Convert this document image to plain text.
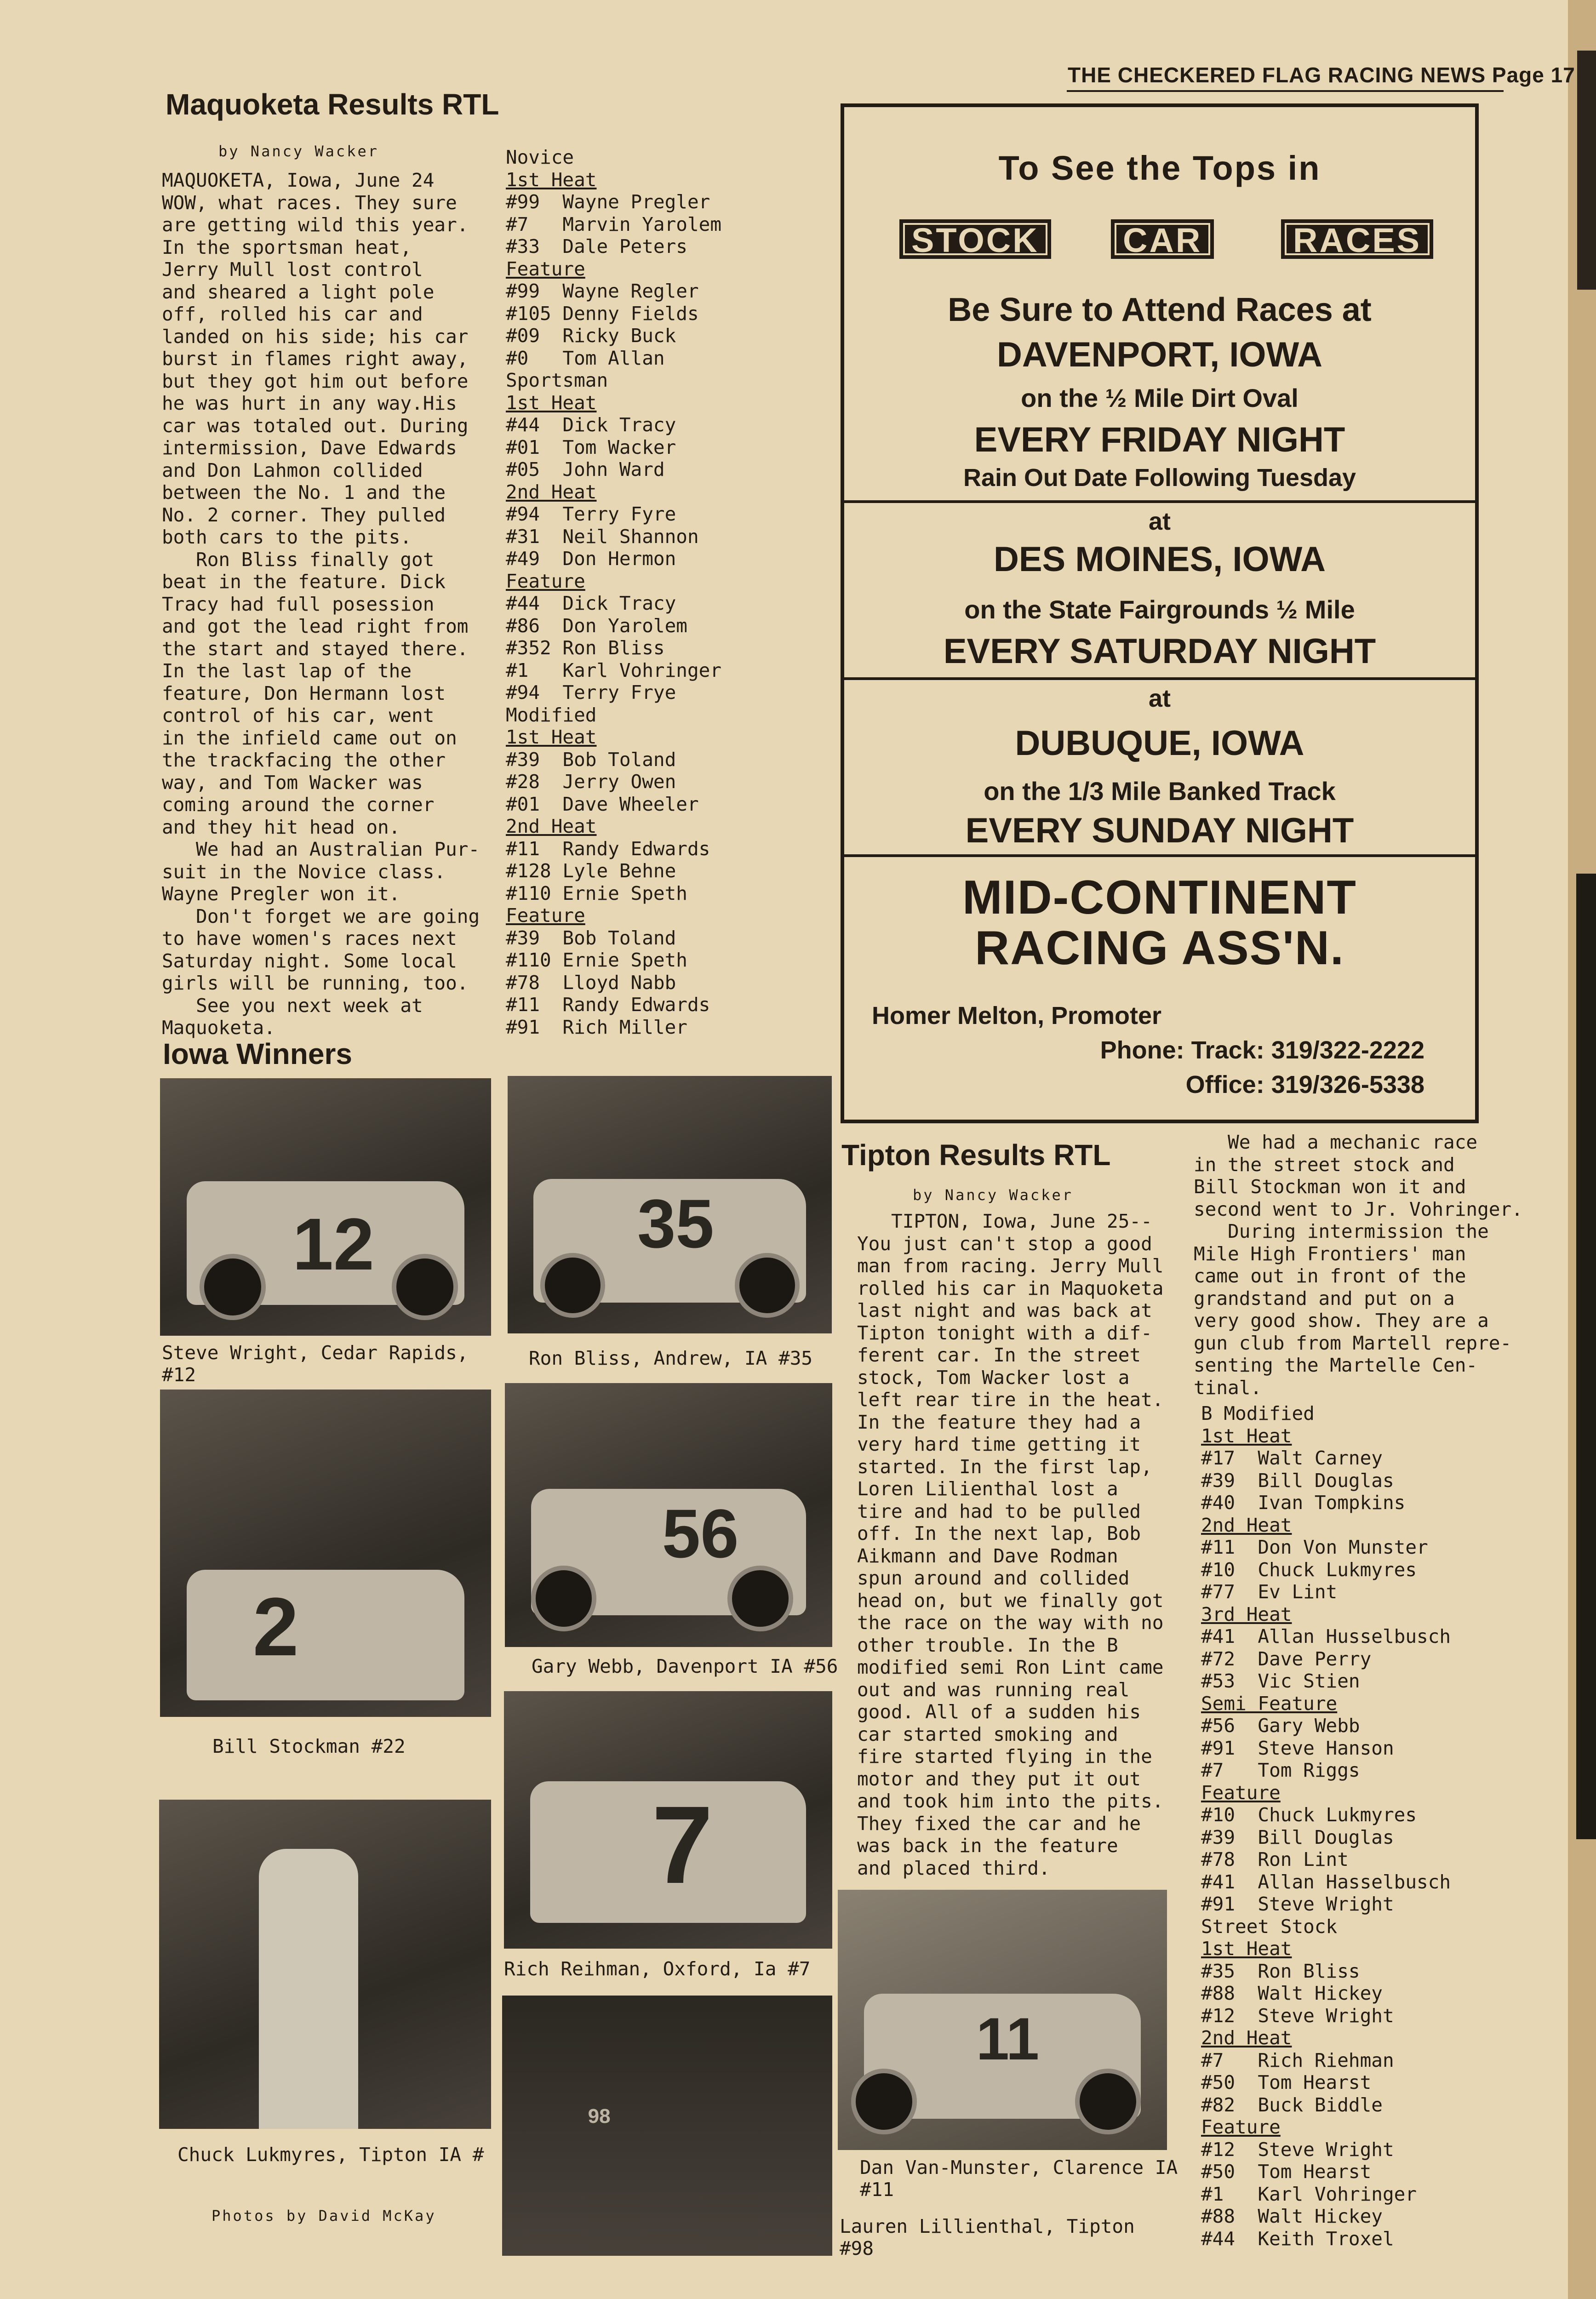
THE CHECKERED FLAG RACING NEWS Page 17
Maquoketa Results RTL
by Nancy Wacker
MAQUOKETA, Iowa, June 24
WOW, what races. They sure
are getting wild this year.
In the sportsman heat,
Jerry Mull lost control
and sheared a light pole
off, rolled his car and
landed on his side; his car
burst in flames right away,
but they got him out before
he was hurt in any way.His
car was totaled out. During
intermission, Dave Edwards
and Don Lahmon collided
between the No. 1 and the
No. 2 corner. They pulled
both cars to the pits.
Ron Bliss finally got
beat in the feature. Dick
Tracy had full posession
and got the lead right from
the start and stayed there.
In the last lap of the
feature, Don Hermann lost
control of his car, went
in the infield came out on
the trackfacing the other
way, and Tom Wacker was
coming around the corner
and they hit head on.
We had an Australian Pur-
suit in the Novice class.
Wayne Pregler won it.
Don't forget we are going
to have women's races next
Saturday night. Some local
girls will be running, too.
See you next week at
Maquoketa.
Novice
1st Heat
#99  Wayne Pregler
#7   Marvin Yarolem
#33  Dale Peters
Feature
#99  Wayne Regler
#105 Denny Fields
#09  Ricky Buck
#0   Tom Allan
Sportsman
1st Heat
#44  Dick Tracy
#01  Tom Wacker
#05  John Ward
2nd Heat
#94  Terry Fyre
#31  Neil Shannon
#49  Don Hermon
Feature
#44  Dick Tracy
#86  Don Yarolem
#352 Ron Bliss
#1   Karl Vohringer
#94  Terry Frye
Modified
1st Heat
#39  Bob Toland
#28  Jerry Owen
#01  Dave Wheeler
2nd Heat
#11  Randy Edwards
#128 Lyle Behne
#110 Ernie Speth
Feature
#39  Bob Toland
#110 Ernie Speth
#78  Lloyd Nabb
#11  Randy Edwards
#91  Rich Miller
To See the Tops in
STOCK	CAR	RACES
Be Sure to Attend Races at
DAVENPORT, IOWA
on the ½ Mile Dirt Oval
EVERY FRIDAY NIGHT
Rain Out Date Following Tuesday
at
DES MOINES, IOWA
on the State Fairgrounds ½ Mile
EVERY SATURDAY NIGHT
at
DUBUQUE, IOWA
on the 1/3 Mile Banked Track
EVERY SUNDAY NIGHT
MID-CONTINENT
RACING ASS'N.
Homer Melton, Promoter
Phone: Track: 319/322-2222
Office: 319/326-5338
Iowa Winners
12
Steve Wright, Cedar Rapids,
#12
35
Ron Bliss, Andrew, IA #35
2
Bill Stockman #22
56
Gary Webb, Davenport IA #56
7
Rich Reihman, Oxford, Ia #7
Chuck Lukmyres, Tipton IA #
Photos by David McKay
98
Tipton Results RTL
by Nancy Wacker
TIPTON, Iowa, June 25--
You just can't stop a good
man from racing. Jerry Mull
rolled his car in Maquoketa
last night and was back at
Tipton tonight with a dif-
ferent car. In the street
stock, Tom Wacker lost a
left rear tire in the heat.
In the feature they had a
very hard time getting it
started. In the first lap,
Loren Lilienthal lost a
tire and had to be pulled
off. In the next lap, Bob
Aikmann and Dave Rodman
spun around and collided
head on, but we finally got
the race on the way with no
other trouble. In the B
modified semi Ron Lint came
out and was running real
good. All of a sudden his
car started smoking and
fire started flying in the
motor and they put it out
and took him into the pits.
They fixed the car and he
was back in the feature
and placed third.
We had a mechanic race
in the street stock and
Bill Stockman won it and
second went to Jr. Vohringer.
During intermission the
Mile High Frontiers' man
came out in front of the
grandstand and put on a
very good show. They are a
gun club from Martell repre-
senting the Martelle Cen-
tinal.
B Modified
1st Heat
#17  Walt Carney
#39  Bill Douglas
#40  Ivan Tompkins
2nd Heat
#11  Don Von Munster
#10  Chuck Lukmyres
#77  Ev Lint
3rd Heat
#41  Allan Husselbusch
#72  Dave Perry
#53  Vic Stien
Semi Feature
#56  Gary Webb
#91  Steve Hanson
#7   Tom Riggs
Feature
#10  Chuck Lukmyres
#39  Bill Douglas
#78  Ron Lint
#41  Allan Hasselbusch
#91  Steve Wright
Street Stock
1st Heat
#35  Ron Bliss
#88  Walt Hickey
#12  Steve Wright
2nd Heat
#7   Rich Riehman
#50  Tom Hearst
#82  Buck Biddle
Feature
#12  Steve Wright
#50  Tom Hearst
#1   Karl Vohringer
#88  Walt Hickey
#44  Keith Troxel
11
Dan Van-Munster, Clarence IA
#11
Lauren Lillienthal, Tipton
#98
